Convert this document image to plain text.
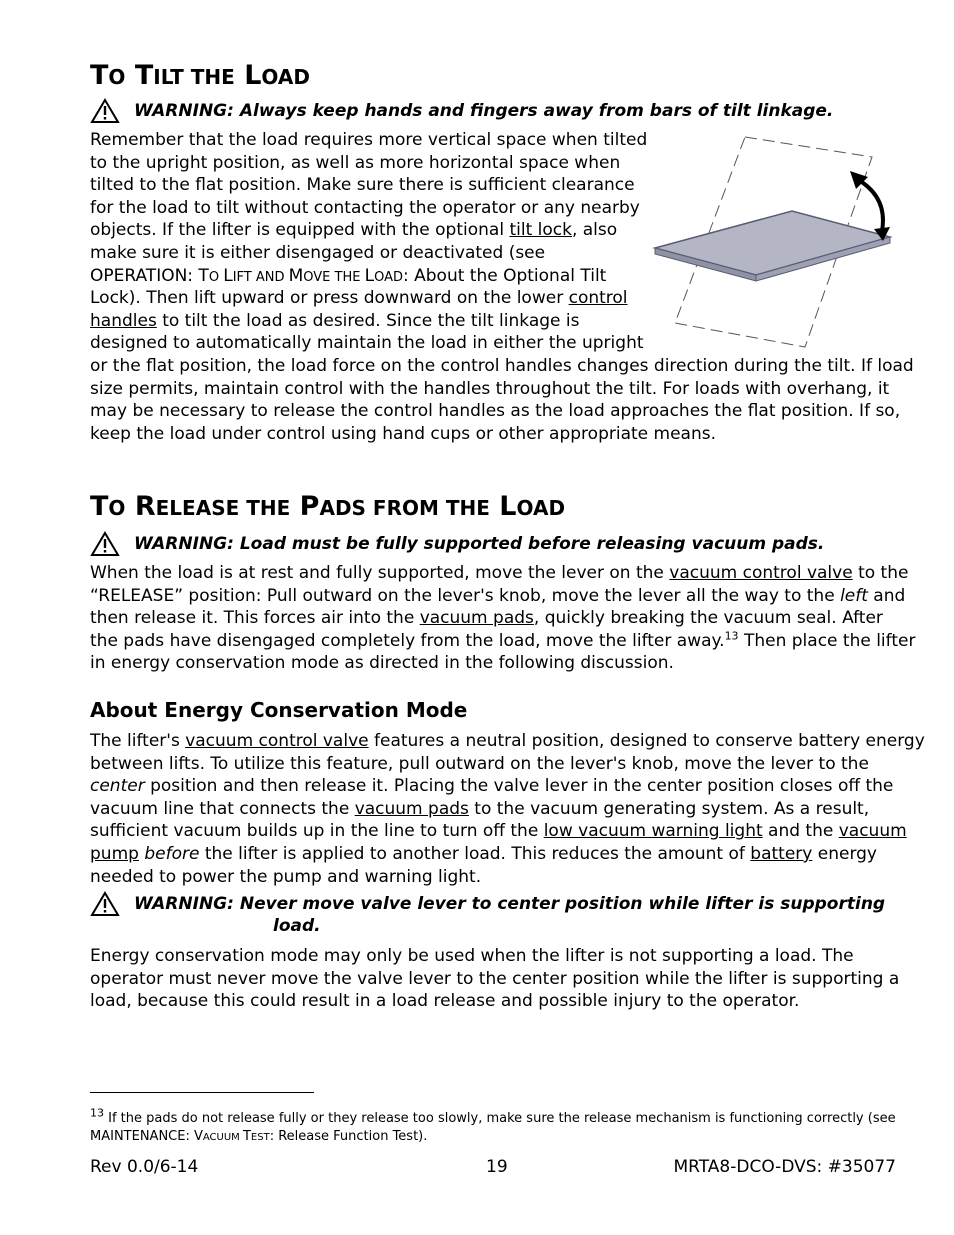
TO TILT THE LOAD
WARNING: Always keep hands and fingers away from bars of tilt linkage.
Remember that the load requires more vertical space when tilted
to the upright position, as well as more horizontal space when
tilted to the flat position. Make sure there is sufficient clearance
for the load to tilt without contacting the operator or any nearby
objects. If the lifter is equipped with the optional tilt lock, also
make sure it is either disengaged or deactivated (see
OPERATION: TO LIFT AND MOVE THE LOAD: About the Optional Tilt
Lock). Then lift upward or press downward on the lower control
handles to tilt the load as desired. Since the tilt linkage is
designed to automatically maintain the load in either the upright
or the flat position, the load force on the control handles changes direction during the tilt. If load
size permits, maintain control with the handles throughout the tilt. For loads with overhang, it
may be necessary to release the control handles as the load approaches the flat position. If so,
keep the load under control using hand cups or other appropriate means.
TO RELEASE THE PADS FROM THE LOAD
WARNING: Load must be fully supported before releasing vacuum pads.
When the load is at rest and fully supported, move the lever on the vacuum control valve to the
“RELEASE” position: Pull outward on the lever's knob, move the lever all the way to the left and
then release it. This forces air into the vacuum pads, quickly breaking the vacuum seal. After
the pads have disengaged completely from the load, move the lifter away.$^{13}$ Then place the lifter
in energy conservation mode as directed in the following discussion.
About Energy Conservation Mode
The lifter's vacuum control valve features a neutral position, designed to conserve battery energy
between lifts. To utilize this feature, pull outward on the lever's knob, move the lever to the
center position and then release it. Placing the valve lever in the center position closes off the
vacuum line that connects the vacuum pads to the vacuum generating system. As a result,
sufficient vacuum builds up in the line to turn off the low vacuum warning light and the vacuum
pump before the lifter is applied to another load. This reduces the amount of battery energy
needed to power the pump and warning light.
WARNING: Never move valve lever to center position while lifter is supporting
load.
Energy conservation mode may only be used when the lifter is not supporting a load. The
operator must never move the valve lever to the center position while the lifter is supporting a
load, because this could result in a load release and possible injury to the operator.
$^{13}$ If the pads do not release fully or they release too slowly, make sure the release mechanism is functioning correctly (see
MAINTENANCE: VACUUM TEST: Release Function Test).
Rev 0.0/6-14	19	MRTA8-DCO-DVS: #35077
